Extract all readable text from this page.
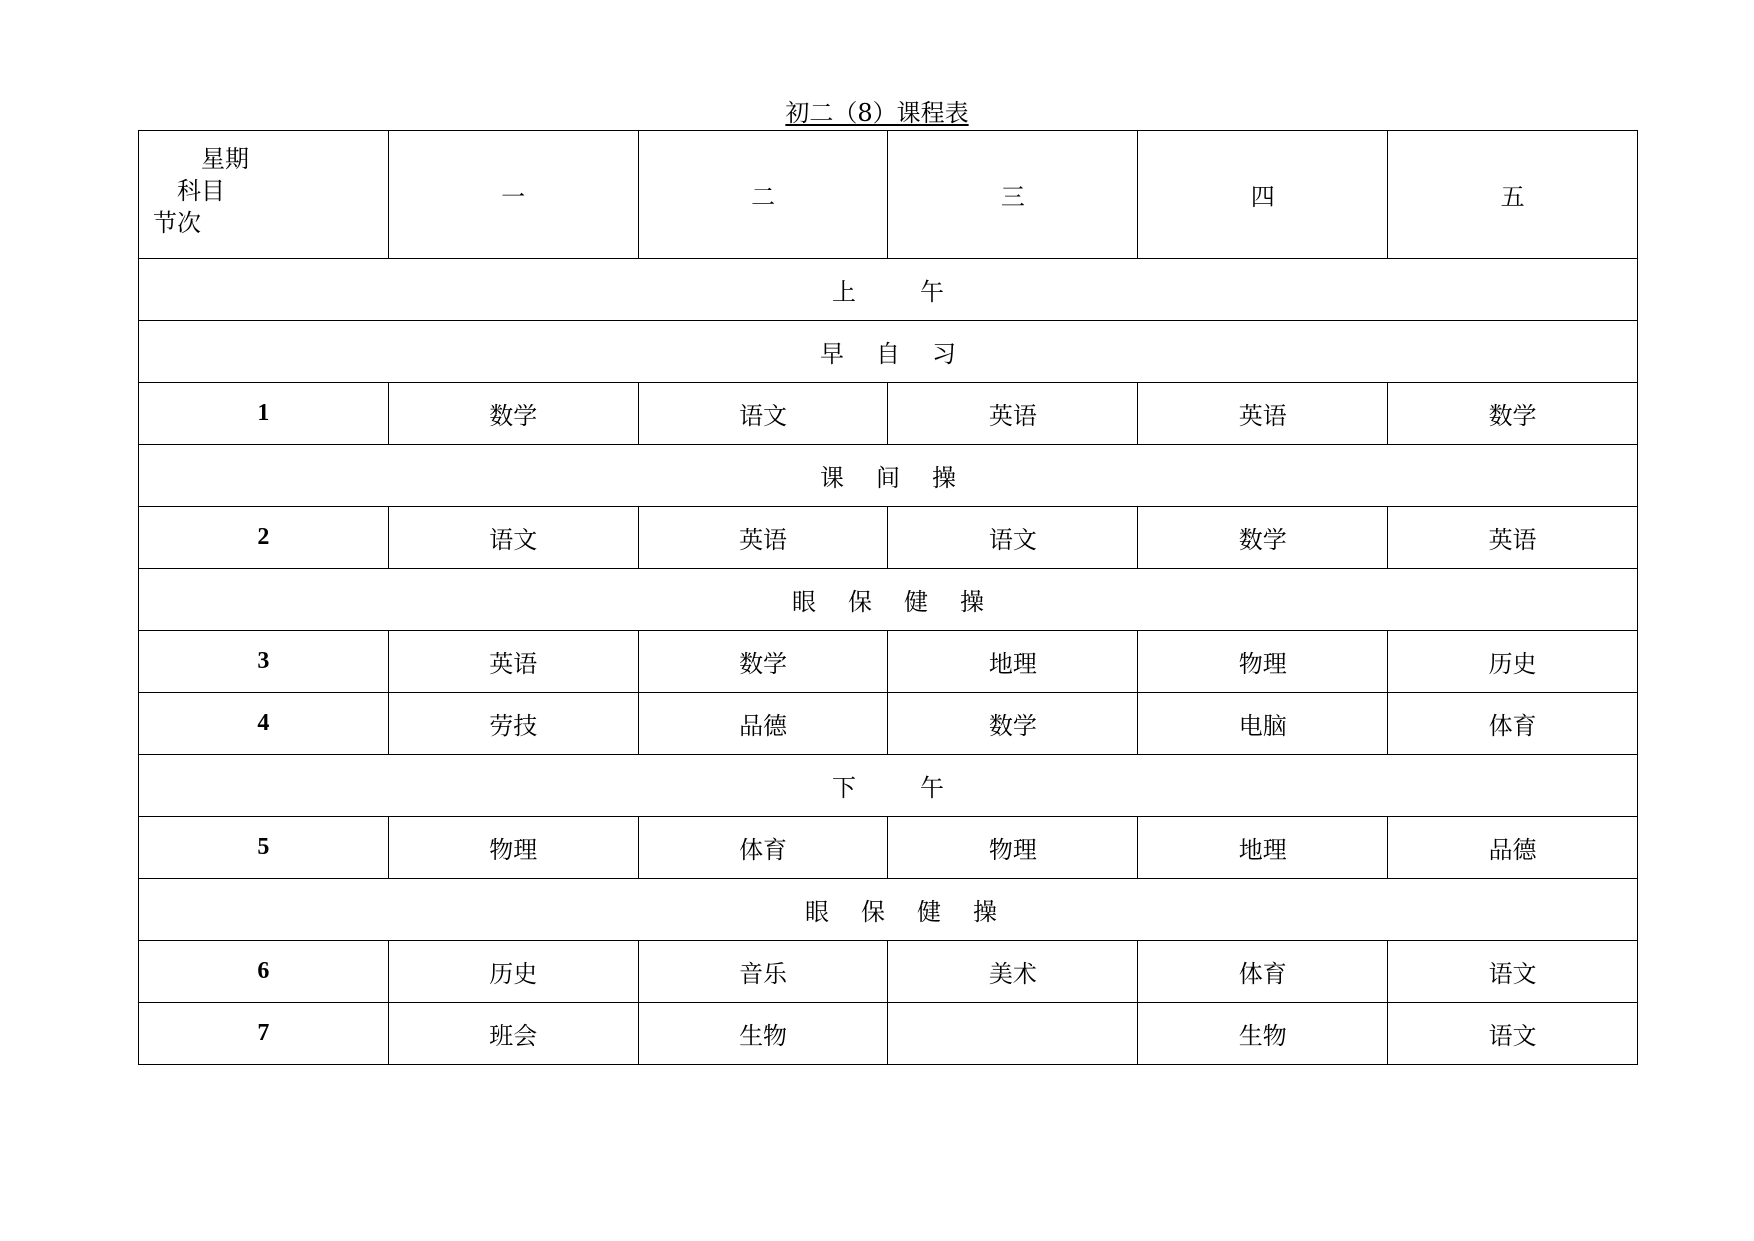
初二（8）课程表
星期
科目
节次	一	二	三	四	五
上 午					
早 自 习					
1	数学	语文	英语	英语	数学
课 间 操					
2	语文	英语	语文	数学	英语
眼 保 健 操					
3	英语	数学	地理	物理	历史
4	劳技	品德	数学	电脑	体育
下 午					
5	物理	体育	物理	地理	品德
眼 保 健 操					
6	历史	音乐	美术	体育	语文
7	班会	生物		生物	语文
